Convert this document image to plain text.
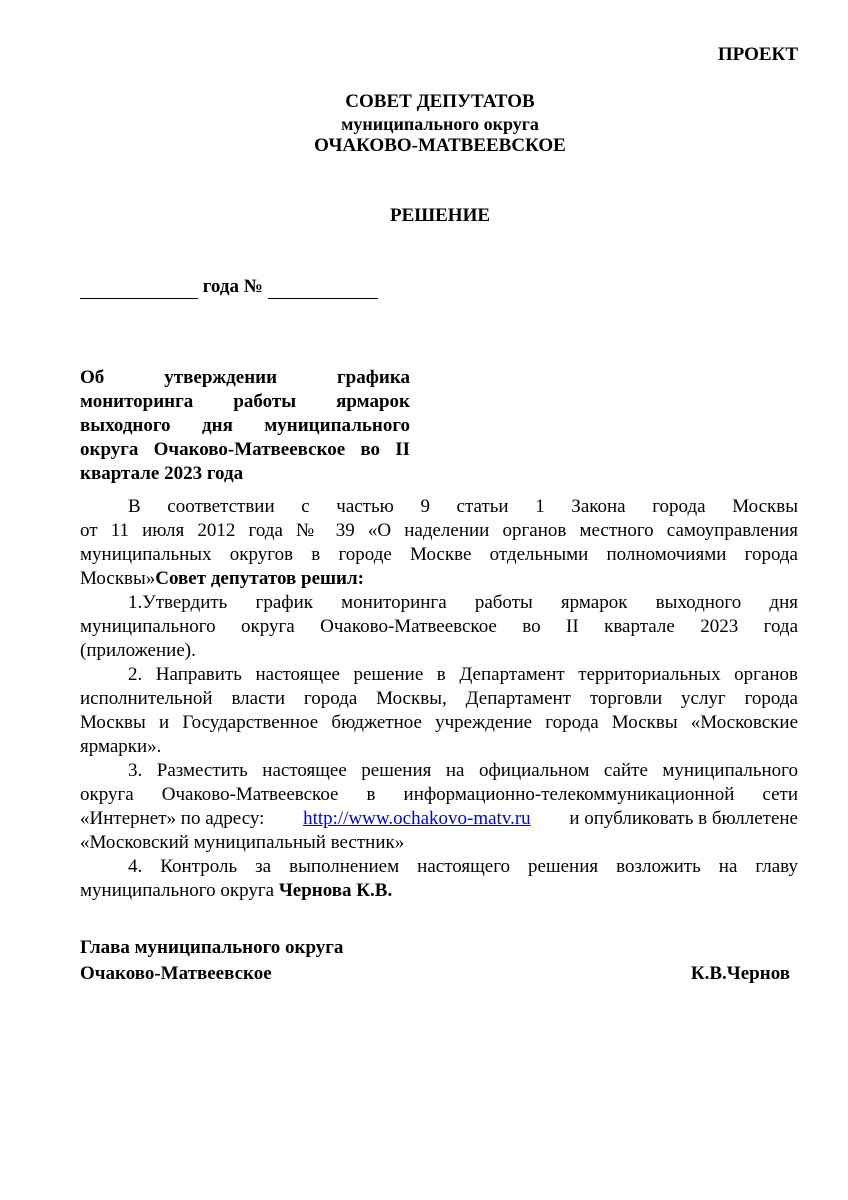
ПРОЕКТ
СОВЕТ ДЕПУТАТОВ
муниципального округа
ОЧАКОВО-МАТВЕЕВСКОЕ
РЕШЕНИЕ
года №
Об утверждении графика
мониторинга работы ярмарок
выходного дня муниципального
округа Очаково-Матвеевское во II
квартале 2023 года
В соответствии с частью 9 статьи 1 Закона города Москвы
от 11 июля 2012 года № 39 «О наделении органов местного самоуправления
муниципальных округов в городе Москве отдельными полномочиями города
Москвы»Совет депутатов решил:
1.Утвердить график мониторинга работы ярмарок выходного дня
муниципального округа Очаково-Матвеевское во II квартале 2023 года
(приложение).
2. Направить настоящее решение в Департамент территориальных органов
исполнительной власти города Москвы, Департамент торговли услуг города
Москвы и Государственное бюджетное учреждение города Москвы «Московские
ярмарки».
3. Разместить настоящее решения на официальном сайте муниципального
округа Очаково-Матвеевское в информационно-телекоммуникационной сети
«Интернет» по адресу: http://www.ochakovo-matv.ru и опубликовать в бюллетене
«Московский муниципальный вестник»
4. Контроль за выполнением настоящего решения возложить на главу
муниципального округа Чернова К.В.
Глава муниципального округа
Очаково-Матвеевское	К.В.Чернов
